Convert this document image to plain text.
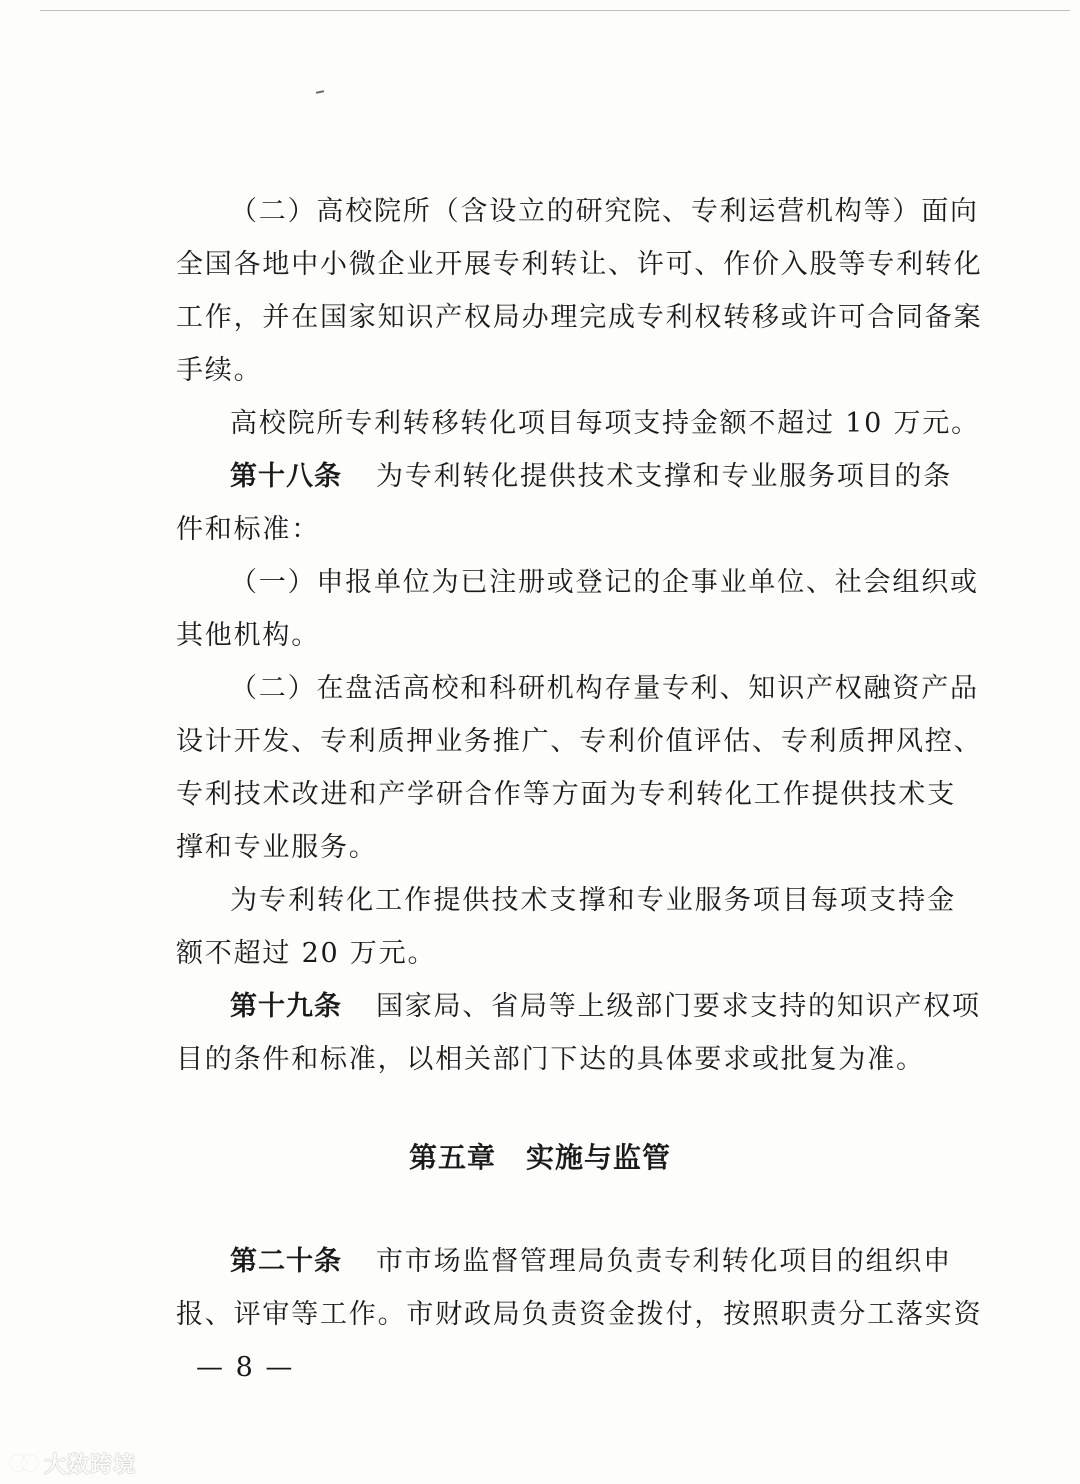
（二）高校院所（含设立的研究院、专利运营机构等）面向
全国各地中小微企业开展专利转让、许可、作价入股等专利转化
工作，并在国家知识产权局办理完成专利权转移或许可合同备案
手续。
高校院所专利转移转化项目每项支持金额不超过 10 万元。
第十八条 为专利转化提供技术支撑和专业服务项目的条
件和标准：
（一）申报单位为已注册或登记的企事业单位、社会组织或
其他机构。
（二）在盘活高校和科研机构存量专利、知识产权融资产品
设计开发、专利质押业务推广、专利价值评估、专利质押风控、
专利技术改进和产学研合作等方面为专利转化工作提供技术支
撑和专业服务。
为专利转化工作提供技术支撑和专业服务项目每项支持金
额不超过 20 万元。
第十九条 国家局、省局等上级部门要求支持的知识产权项
目的条件和标准，以相关部门下达的具体要求或批复为准。
第五章 实施与监管
第二十条 市市场监督管理局负责专利转化项目的组织申
报、评审等工作。市财政局负责资金拨付，按照职责分工落实资
— 8 —
大数跨境
